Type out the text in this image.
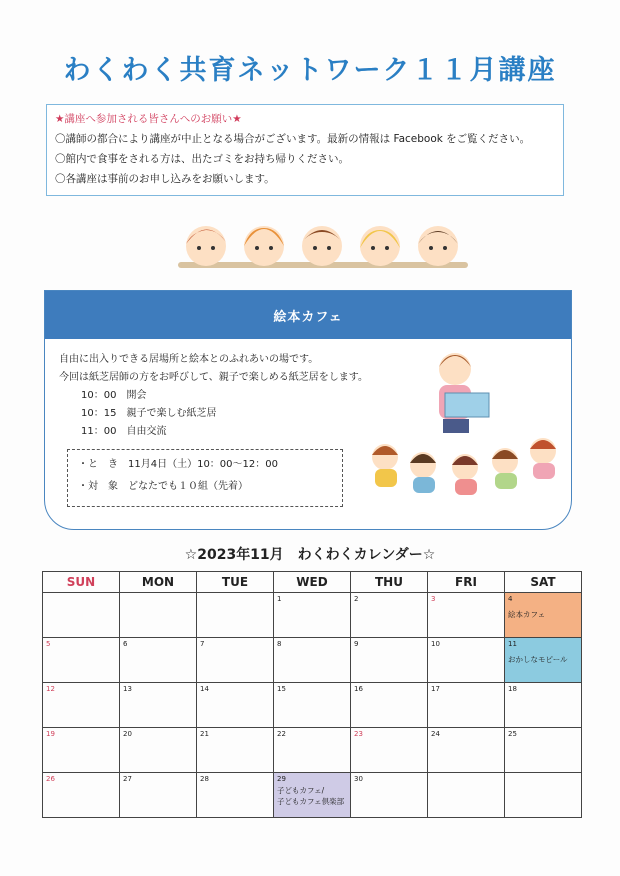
わくわく共育ネットワーク１１月講座
★講座へ参加される皆さんへのお願い★
〇講師の都合により講座が中止となる場合がございます。最新の情報は Facebook をご覧ください。
〇館内で食事をされる方は、出たゴミをお持ち帰りください。
〇各講座は事前のお申し込みをお願いします。
絵本カフェ
自由に出入りできる居場所と絵本とのふれあいの場です。
今回は紙芝居師の方をお呼びして、親子で楽しめる紙芝居をします。
10：00　開会
10：15　親子で楽しむ紙芝居
11：00　自由交流
・と　き　11月4日（土）10：00～12：00
・対　象　どなたでも１０組（先着）
☆2023年11月　わくわくカレンダー☆
SUN	MON	TUE	WED	THU	FRI	SAT
			1	2	3	4
絵本カフェ

5	6	7	8	9	10	11
おかしなモピール

12	13	14	15	16	17	18
19	20	21	22	23	24	25
26	27	28	29
子どもカフェ/
子どもカフェ倶楽部	30		
